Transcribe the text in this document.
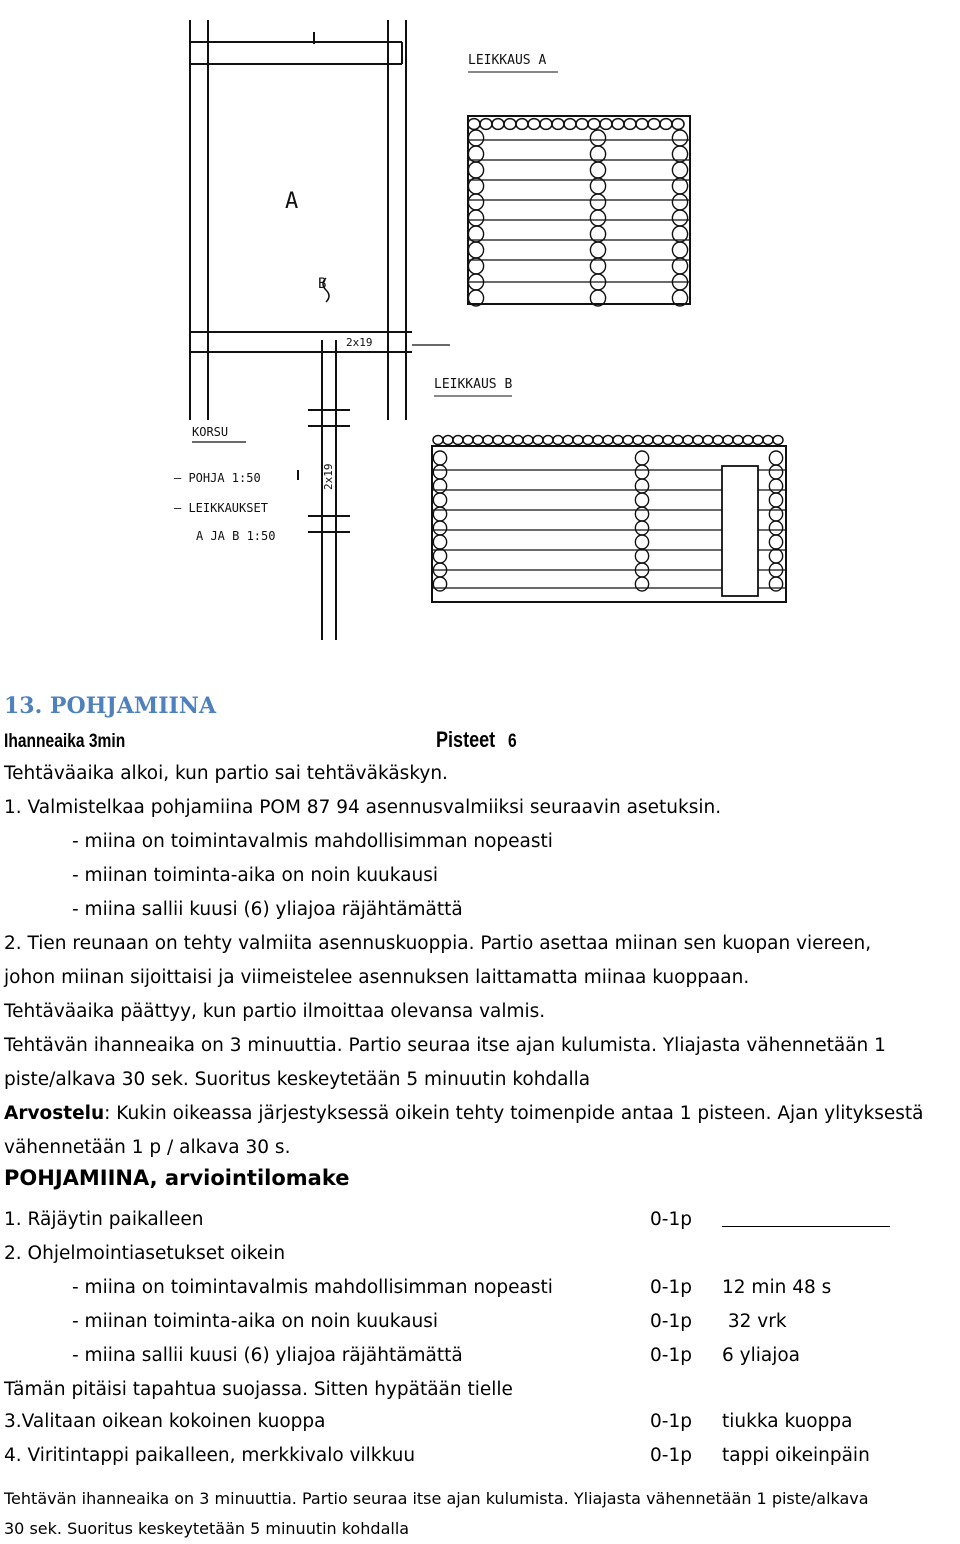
A
B
2x19
2x19
KORSU
– POHJA 1:50
– LEIKKAUKSET
A JA B 1:50
LEIKKAUS A
LEIKKAUS B
13. POHJAMIINA
Ihanneaika 3min	Pisteet 6
Tehtäväaika alkoi, kun partio sai tehtäväkäskyn.
1. Valmistelkaa pohjamiina POM 87 94 asennusvalmiiksi seuraavin asetuksin.
- miina on toimintavalmis mahdollisimman nopeasti
- miinan toiminta-aika on noin kuukausi
- miina sallii kuusi (6) yliajoa räjähtämättä
2. Tien reunaan on tehty valmiita asennuskuoppia. Partio asettaa miinan sen kuopan viereen,
johon miinan sijoittaisi ja viimeistelee asennuksen laittamatta miinaa kuoppaan.
Tehtäväaika päättyy, kun partio ilmoittaa olevansa valmis.
Tehtävän ihanneaika on 3 minuuttia. Partio seuraa itse ajan kulumista. Yliajasta vähennetään 1
piste/alkava 30 sek. Suoritus keskeytetään 5 minuutin kohdalla
Arvostelu: Kukin oikeassa järjestyksessä oikein tehty toimenpide antaa 1 pisteen. Ajan ylityksestä
vähennetään 1 p / alkava 30 s.
POHJAMIINA, arviointilomake
1. Räjäytin paikalleen	0-1p
2. Ohjelmointiasetukset oikein
- miina on toimintavalmis mahdollisimman nopeasti	0-1p 12 min 48 s
- miinan toiminta-aika on noin kuukausi	0-1p 32 vrk
- miina sallii kuusi (6) yliajoa räjähtämättä	0-1p 6 yliajoa
Tämän pitäisi tapahtua suojassa. Sitten hypätään tielle
3.Valitaan oikean kokoinen kuoppa	0-1p tiukka kuoppa
4. Viritintappi paikalleen, merkkivalo vilkkuu	0-1p tappi oikeinpäin
Tehtävän ihanneaika on 3 minuuttia. Partio seuraa itse ajan kulumista. Yliajasta vähennetään 1 piste/alkava
30 sek. Suoritus keskeytetään 5 minuutin kohdalla
